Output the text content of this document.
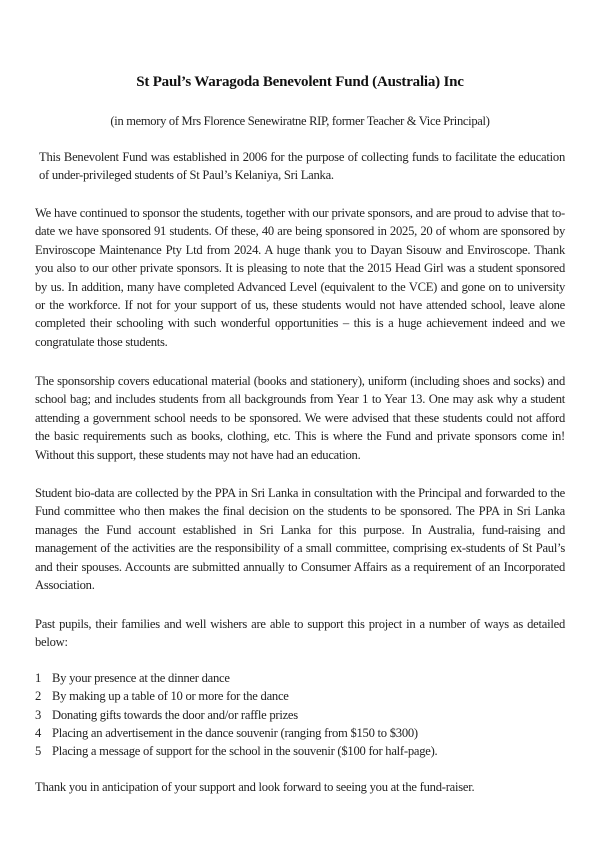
St Paul’s Waragoda Benevolent Fund (Australia) Inc
(in memory of Mrs Florence Senewiratne RIP, former Teacher & Vice Principal)

This Benevolent Fund was established in 2006 for the purpose of collecting funds to facilitate the education of under-privileged students of St Paul’s Kelaniya, Sri Lanka.

We have continued to sponsor the students, together with our private sponsors, and are proud to advise that to-date we have sponsored 91 students. Of these, 40 are being sponsored in 2025, 20 of whom are sponsored by Enviroscope Maintenance Pty Ltd from 2024. A huge thank you to Dayan Sisouw and Enviroscope. Thank you also to our other private sponsors. It is pleasing to note that the 2015 Head Girl was a student sponsored by us. In addition, many have completed Advanced Level (equivalent to the VCE) and gone on to university or the workforce. If not for your support of us, these students would not have attended school, leave alone completed their schooling with such wonderful opportunities – this is a huge achievement indeed and we congratulate those students.

The sponsorship covers educational material (books and stationery), uniform (including shoes and socks) and school bag; and includes students from all backgrounds from Year 1 to Year 13. One may ask why a student attending a government school needs to be sponsored. We were advised that these students could not afford the basic requirements such as books, clothing, etc. This is where the Fund and private sponsors come in! Without this support, these students may not have had an education.

Student bio-data are collected by the PPA in Sri Lanka in consultation with the Principal and forwarded to the Fund committee who then makes the final decision on the students to be sponsored. The PPA in Sri Lanka manages the Fund account established in Sri Lanka for this purpose. In Australia, fund-raising and management of the activities are the responsibility of a small committee, comprising ex-students of St Paul’s and their spouses. Accounts are submitted annually to Consumer Affairs as a requirement of an Incorporated Association.

Past pupils, their families and well wishers are able to support this project in a number of ways as detailed below:

1 By your presence at the dinner dance
2 By making up a table of 10 or more for the dance
3 Donating gifts towards the door and/or raffle prizes
4 Placing an advertisement in the dance souvenir (ranging from $150 to $300)
5 Placing a message of support for the school in the souvenir ($100 for half-page).

Thank you in anticipation of your support and look forward to seeing you at the fund-raiser.
